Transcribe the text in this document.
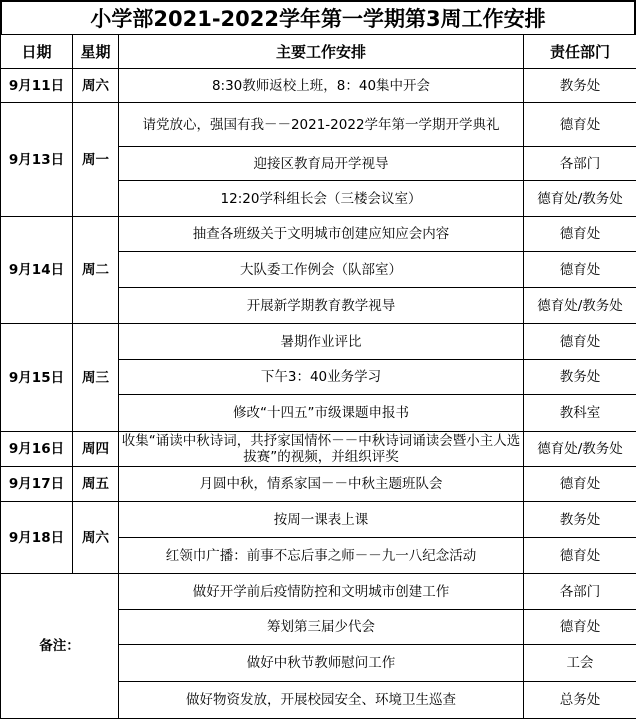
小学部2021-2022学年第一学期第3周工作安排
日期	星期	主要工作安排	责任部门
9月11日	周六	8:30教师返校上班，8：40集中开会	教务处
9月13日	周一	请党放心，强国有我－－2021-2022学年第一学期开学典礼	德育处
		迎接区教育局开学视导	各部门
		12:20学科组长会（三楼会议室）	德育处/教务处
9月14日	周二	抽查各班级关于文明城市创建应知应会内容	德育处
		大队委工作例会（队部室）	德育处
		开展新学期教育教学视导	德育处/教务处
9月15日	周三	暑期作业评比	德育处
		下午3：40业务学习	教务处
		修改“十四五”市级课题申报书	教科室
9月16日	周四	收集“诵读中秋诗词，共抒家国情怀－－中秋诗词诵读会暨小主人选拔赛”的视频，并组织评奖	德育处/教务处
9月17日	周五	月圆中秋，情系家国－－中秋主题班队会	德育处
9月18日	周六	按周一课表上课	教务处
		红领巾广播：前事不忘后事之师－－九一八纪念活动	德育处
备注：		做好开学前后疫情防控和文明城市创建工作	各部门
		筹划第三届少代会	德育处
		做好中秋节教师慰问工作	工会
		做好物资发放，开展校园安全、环境卫生巡查	总务处
